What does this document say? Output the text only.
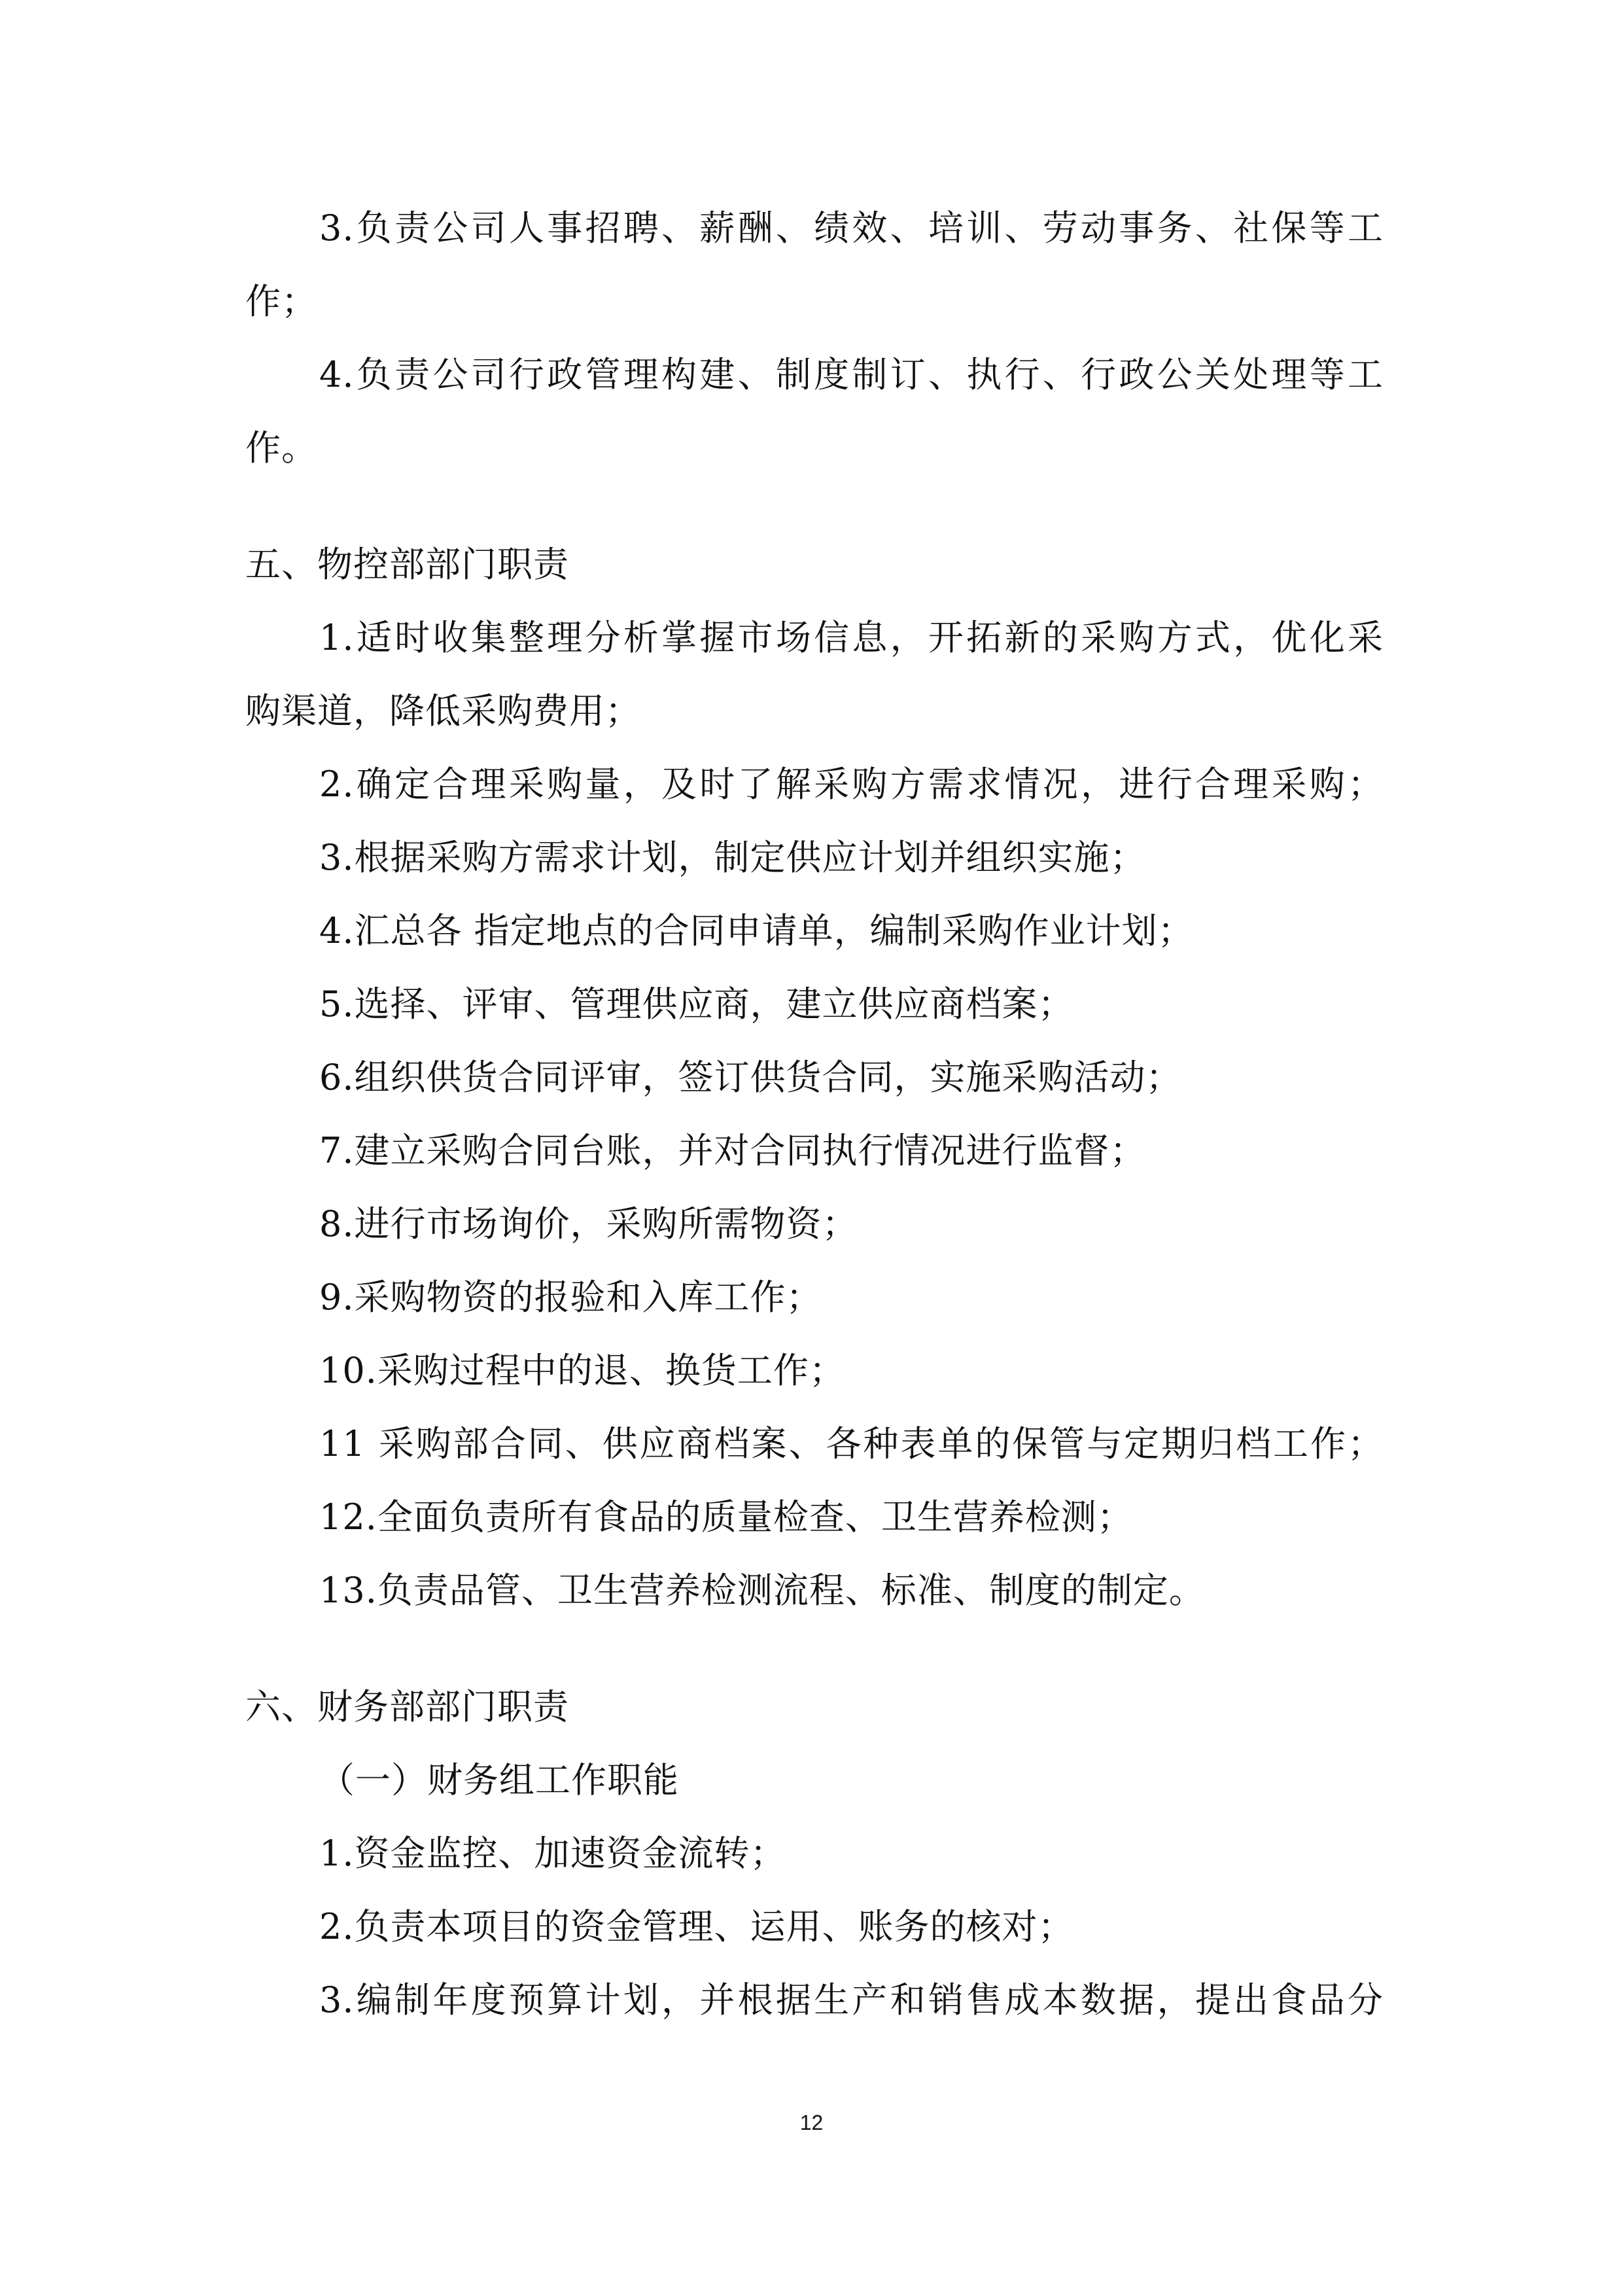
3.负责公司人事招聘、薪酬、绩效、培训、劳动事务、社保等工
作；
4.负责公司行政管理构建、制度制订、执行、行政公关处理等工
作。
五、物控部部门职责
1.适时收集整理分析掌握市场信息，开拓新的采购方式，优化采
购渠道，降低采购费用；
2.确定合理采购量，及时了解采购方需求情况，进行合理采购；
3.根据采购方需求计划，制定供应计划并组织实施；
4.汇总各 指定地点的合同申请单，编制采购作业计划；
5.选择、评审、管理供应商，建立供应商档案；
6.组织供货合同评审，签订供货合同，实施采购活动；
7.建立采购合同台账，并对合同执行情况进行监督；
8.进行市场询价，采购所需物资；
9.采购物资的报验和入库工作；
10.采购过程中的退、换货工作；
11 采购部合同、供应商档案、各种表单的保管与定期归档工作；
12.全面负责所有食品的质量检查、卫生营养检测；
13.负责品管、卫生营养检测流程、标准、制度的制定。
六、财务部部门职责
（一）财务组工作职能
1.资金监控、加速资金流转；
2.负责本项目的资金管理、运用、账务的核对；
3.编制年度预算计划，并根据生产和销售成本数据，提出食品分
12
